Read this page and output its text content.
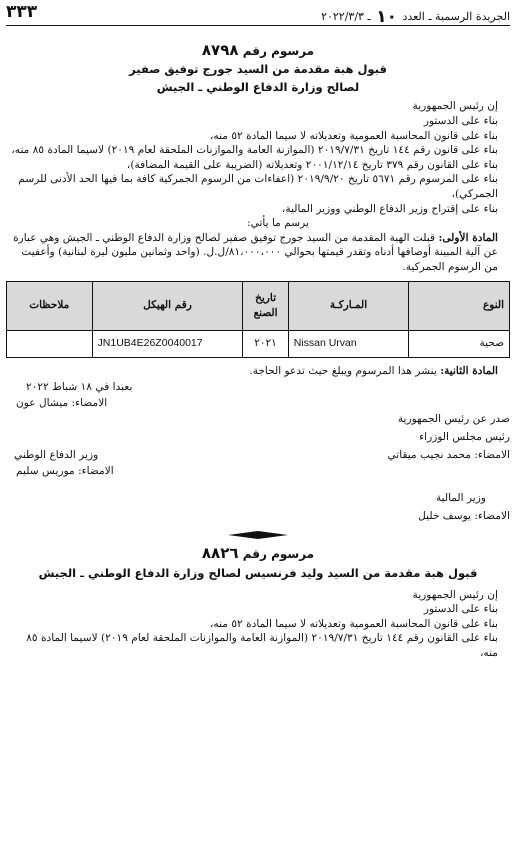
الجريدة الرسمية ـ العدد ١٠ ـ ٢٠٢٢/٣/٣
٣٣٣
مرسوم رقم ٨٧٩٨
قبول هبة مقدمة من السيد جورج توفيق صفير
لصالح وزارة الدفاع الوطني ـ الجيش

إن رئيس الجمهورية

بناء على الدستور

بناء على قانون المحاسبة العمومية وتعديلاته لا سيما المادة ٥٢ منه،

بناء على قانون رقم ١٤٤ تاريخ ٢٠١٩/٧/٣١ (الموازنة العامة والموازنات الملحقة لعام ٢٠١٩) لاسيما المادة ٨٥ منه،

بناء على القانون رقم ٣٧٩ تاريخ ٢٠٠١/١٢/١٤ وتعديلاته (الضريبة على القيمة المضافة)،

بناء على المرسوم رقم ٥٦٧١ تاريخ ٢٠١٩/٩/٢٠ (اعفاءات من الرسوم الجمركية كافة بما فيها الحد الأدنى للرسم الجمركي)،

بناء على إقتراح وزير الدفاع الوطني ووزير المالية،

يرسم ما يأتي:

المادة الأولى: قبلت الهبة المقدمة من السيد جورج توفيق صفير لصالح وزارة الدفاع الوطني ـ الجيش وهي عبارة عن آلية المبينة أوصافها أدناه وتقدر قيمتها بحوالي ٨١،٠٠٠،٠٠٠/ل.ل. (واحد وثمانين مليون ليرة لبنانية) وأعفيت من الرسوم الجمركية.

النوع	المـاركـة	تاريخ الصنع	رقم الهيكل	ملاحظات
صحية	Nissan Urvan	٢٠٢١	JN1UB4E26Z0040017	

المادة الثانية: ينشر هذا المرسوم ويبلغ حيث تدعو الحاجة.

بعبدا في ١٨ شباط ٢٠٢٢
الامضاء: ميشال عون
صدر عن رئيس الجمهورية
رئيس مجلس الوزراء
الامضاء: محمد نجيب ميقاتي
وزير الدفاع الوطني
الامضاء: موريس سليم
وزير المالية
الامضاء: يوسف خليل
مرسوم رقم ٨٨٢٦
قبول هبة مقدمة من السيد وليد فرنسيس لصالح وزارة الدفاع الوطني ـ الجيش

إن رئيس الجمهورية

بناء على الدستور

بناء على قانون المحاسبة العمومية وتعديلاته لا سيما المادة ٥٢ منه،

بناء على القانون رقم ١٤٤ تاريخ ٢٠١٩/٧/٣١ (الموازنة العامة والموازنات الملحقة لعام ٢٠١٩) لاسيما المادة ٨٥ منه،
